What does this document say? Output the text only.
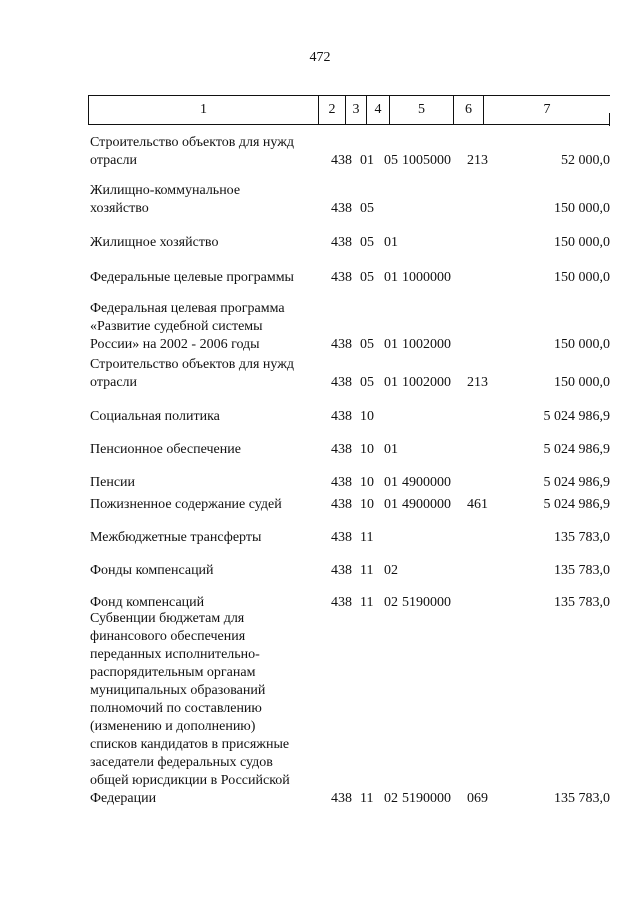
472
1	2	3	4	5	6	7
Строительство объектов для нужд
отрасли	438 01 05 1005000	213	52 000,0
Жилищно-коммунальное
хозяйство	438 05	150 000,0
Жилищное хозяйство	438 05 01	150 000,0
Федеральные целевые программы	438 05 01 1000000	150 000,0
Федеральная целевая программа
«Развитие судебной системы
России» на 2002 - 2006 годы	438 05 01 1002000	150 000,0
Строительство объектов для нужд
отрасли	438 05 01 1002000	213	150 000,0
Социальная политика	438 10	5 024 986,9
Пенсионное обеспечение	438 10 01	5 024 986,9
Пенсии	438 10 01 4900000	5 024 986,9
Пожизненное содержание судей	438 10 01 4900000	461	5 024 986,9
Межбюджетные трансферты	438 11	135 783,0
Фонды компенсаций	438 11 02	135 783,0
Фонд компенсаций	438 11 02 5190000	135 783,0
Субвенции бюджетам для
финансового обеспечения
переданных исполнительно-
распорядительным органам
муниципальных образований
полномочий по составлению
(изменению и дополнению)
списков кандидатов в присяжные
заседатели федеральных судов
общей юрисдикции в Российской
Федерации	438 11 02 5190000	069	135 783,0
